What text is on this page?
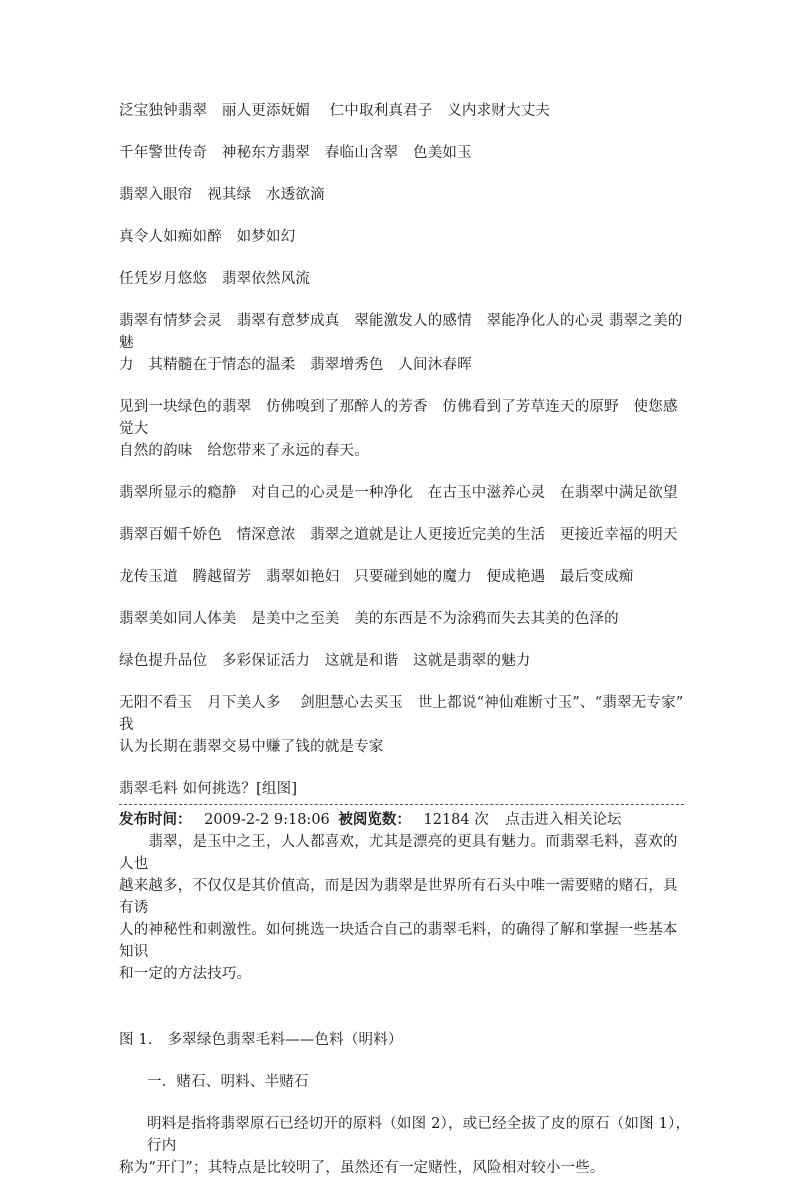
泛宝独钟翡翠　丽人更添妩媚　 仁中取利真君子　义内求财大丈夫
千年警世传奇　神秘东方翡翠　春临山含翠　色美如玉
翡翠入眼帘　视其绿　水透欲滴
真令人如痴如醉　如梦如幻
任凭岁月悠悠　翡翠依然风流
翡翠有情梦会灵　翡翠有意梦成真　翠能激发人的感情　翠能净化人的心灵 翡翠之美的魅
力　其精髓在于情态的温柔　翡翠增秀色　人间沐春晖
见到一块绿色的翡翠　仿佛嗅到了那醉人的芳香　仿佛看到了芳草连天的原野　使您感觉大
自然的韵味　给您带来了永远的春天。
翡翠所显示的瘾静　对自己的心灵是一种净化　在古玉中滋养心灵　在翡翠中满足欲望
翡翠百媚千娇色　情深意浓　翡翠之道就是让人更接近完美的生活　更接近幸福的明天
龙传玉道　腾越留芳　翡翠如艳妇　只要碰到她的魔力　便成艳遇　最后变成痴
翡翠美如同人体美　是美中之至美　美的东西是不为涂鸦而失去其美的色泽的
绿色提升品位　多彩保证活力　这就是和谐　这就是翡翠的魅力
无阳不看玉　月下美人多　 剑胆慧心去买玉　世上都说“神仙难断寸玉”、“翡翠无专家” 我
认为长期在翡翠交易中赚了钱的就是专家
翡翠毛料 如何挑选？[组图]
发布时间： 2009-2-2 9:18:06 被阅览数： 12184 次 点击进入相关论坛
　　翡翠，是玉中之王，人人都喜欢，尤其是漂亮的更具有魅力。而翡翠毛料，喜欢的人也
越来越多，不仅仅是其价值高，而是因为翡翠是世界所有石头中唯一需要赌的赌石，具有诱
人的神秘性和刺激性。如何挑选一块适合自己的翡翠毛料，的确得了解和掌握一些基本知识
和一定的方法技巧。
图 1.　多翠绿色翡翠毛料——色料（明料）
一．赌石、明料、半赌石
明料是指将翡翠原石已经切开的原料（如图 2），或已经全拔了皮的原石（如图 1），行内
称为“开门”；其特点是比较明了，虽然还有一定赌性，风险相对较小一些。
